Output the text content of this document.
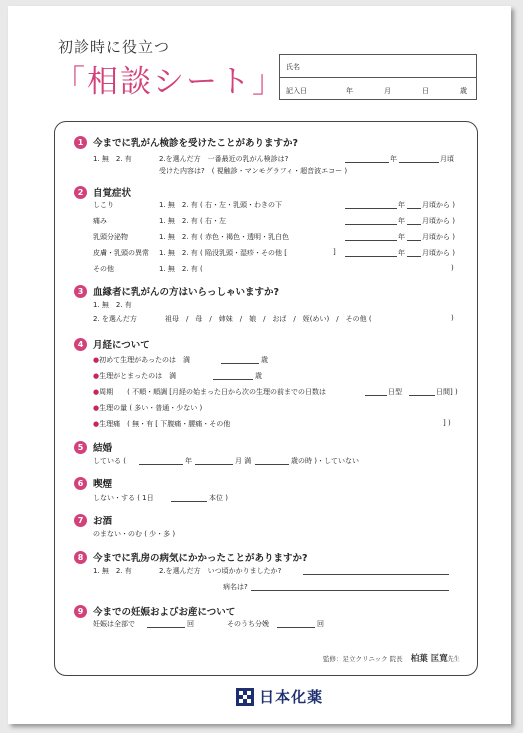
初診時に役立つ
「相談シート」 氏名
記入日	年	月	日	歳
1	今までに乳がん検診を受けたことがありますか?
1. 無　2. 有	2.を選んだ方　一番最近の乳がん検診は?	年	月頃
受けた内容は?　( 視触診・マンモグラフィ・超音波エコー )
2	自覚症状
しこり	1. 無　2. 有 ( 右・左・乳頭・わきの下	年 月頃から )
痛み	1. 無　2. 有 ( 右・左	年 月頃から )
乳頭分泌物	1. 無　2. 有 ( 赤色・褐色・透明・乳白色	年 月頃から )
皮膚・乳頭の異常 1. 無　2. 有 ( 陥没乳頭・湿疹・その他 [	]	年 月頃から )
その他	1. 無　2. 有 (	)
3	血縁者に乳がんの方はいらっしゃいますか?
1. 無　2. 有
2. を選んだ方	祖母　/　母　/　姉妹　/　娘　/　おば　/　姪(めい)　/　その他 (	)
4	月経について
●初めて生理があったのは　満	歳
●生理がとまったのは　満	歳
●周期　　( 不順・順調 [月経の始まった日から次の生理の前までの日数は	日型	日間] )
●生理の量 ( 多い・普通・少ない )
●生理痛　( 無・有 [ 下腹痛・腰痛・その他	] )
5	結婚
している (	年	月 満	歳の時 )・していない
6	喫煙
しない・する ( 1日	本位 )
7	お酒
のまない・のむ ( 少・多 )
8	今までに乳房の病気にかかったことがありますか?
1. 無　2. 有	2.を選んだ方　いつ頃かかりましたか?
病名は?
9	今までの妊娠およびお産について
妊娠は全部で	回	そのうち分娩	回
監修：足立クリニック 院長 柏葉 匡寛先生
日本化薬
